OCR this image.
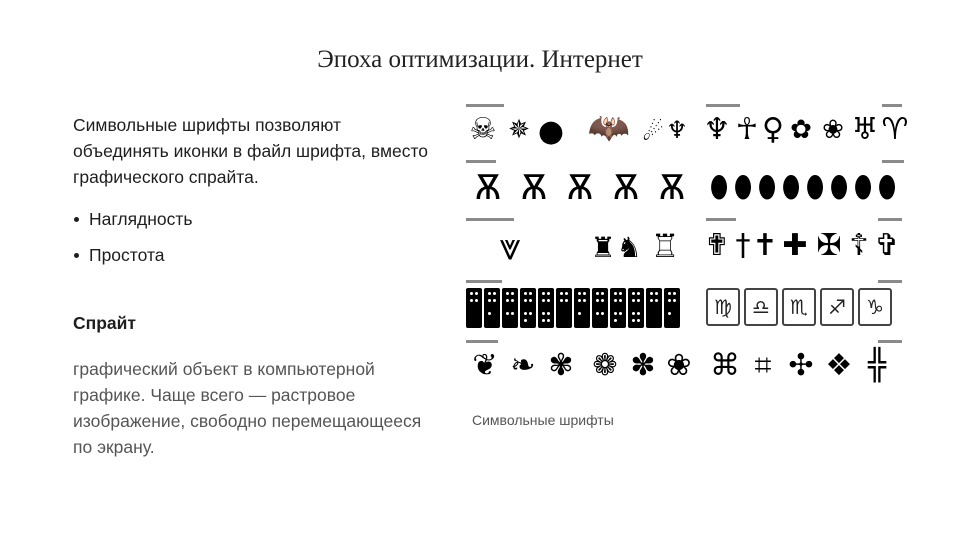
Эпоха оптимизации. Интернет

Символьные шрифты позволяют объединять иконки в файл шрифта, вместо графического спрайта.

Наглядность
Простота

Спрайт

графический объект в компьютерной графике. Чаще всего — растровое изображение, свободно перемещающееся по экрану.

☠ ✵ ● 🦇 ☄ ♆ ♆ ☥ ♀ ✿ ❀ ♅ ♈
Ѫ Ѫ Ѫ Ѫ Ѫ ⬮ ⬮ ⬮ ⬮ ⬮ ⬮ ⬮ ⬮
⩔	♜ ♞ ♖ ✟ † ✝ ✚ ✠ ☦ ✞
♍	♎	♏	♐	♑
❦ ❧ ✾ ❁ ✽ ❀ ⌘ ⌗ ✣ ❖ ╬
Символьные шрифты
